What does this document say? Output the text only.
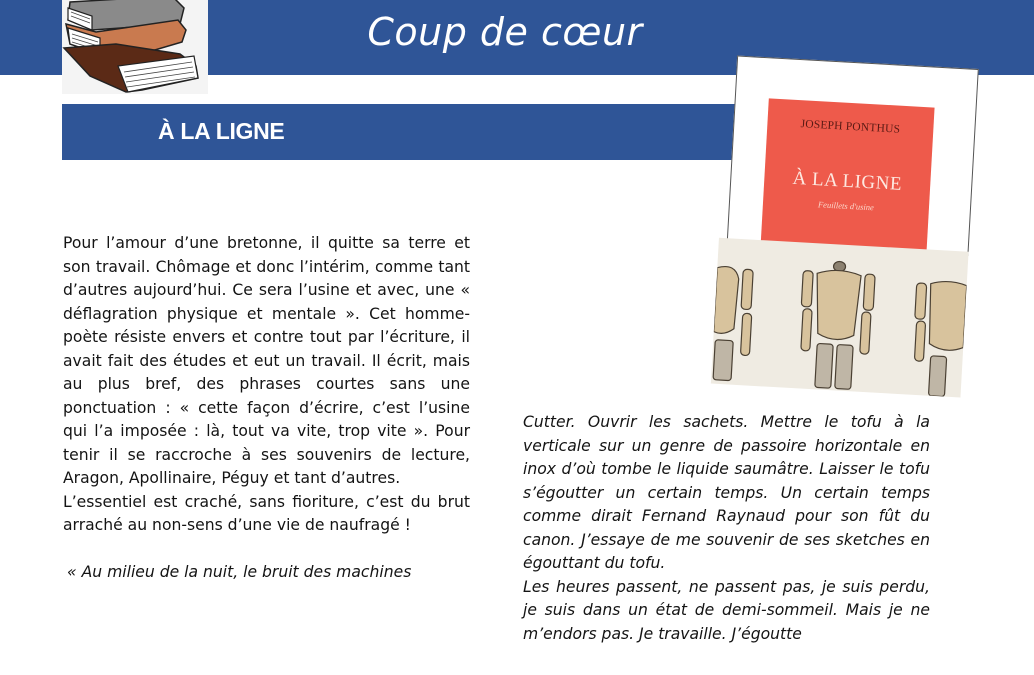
Coup de cœur
À LA LIGNE	JOSEPH PONTHUS
À LA LIGNE
Feuillets d'usine

Pour l’amour d’une bretonne, il quitte sa terre et son travail. Chômage et donc l’intérim, comme tant d’autres aujourd’hui. Ce sera l’usine et avec, une « déflagration physique et mentale ». Cet homme-poète résiste envers et contre tout par l’écriture, il avait fait des études et eut un travail. Il écrit, mais au plus bref, des phrases courtes sans une ponctuation : « cette façon d’écrire, c’est l’usine qui l’a imposée : là, tout va vite, trop vite ». Pour tenir il se raccroche à ses souvenirs de lecture, Aragon, Apollinaire, Péguy et tant d’autres.

L’essentiel est craché, sans fioriture, c’est du brut arraché au non-sens d’une vie de naufragé !

« Au milieu de la nuit, le bruit des machines

Cutter. Ouvrir les sachets. Mettre le tofu à la verticale sur un genre de passoire horizontale en inox d’où tombe le liquide saumâtre. Laisser le tofu s’égoutter un certain temps. Un certain temps comme dirait Fernand Raynaud pour son fût du canon. J’essaye de me souvenir de ses sketches en égouttant du tofu.

Les heures passent, ne passent pas, je suis perdu, je suis dans un état de demi-sommeil. Mais je ne m’endors pas. Je travaille. J’égoutte
